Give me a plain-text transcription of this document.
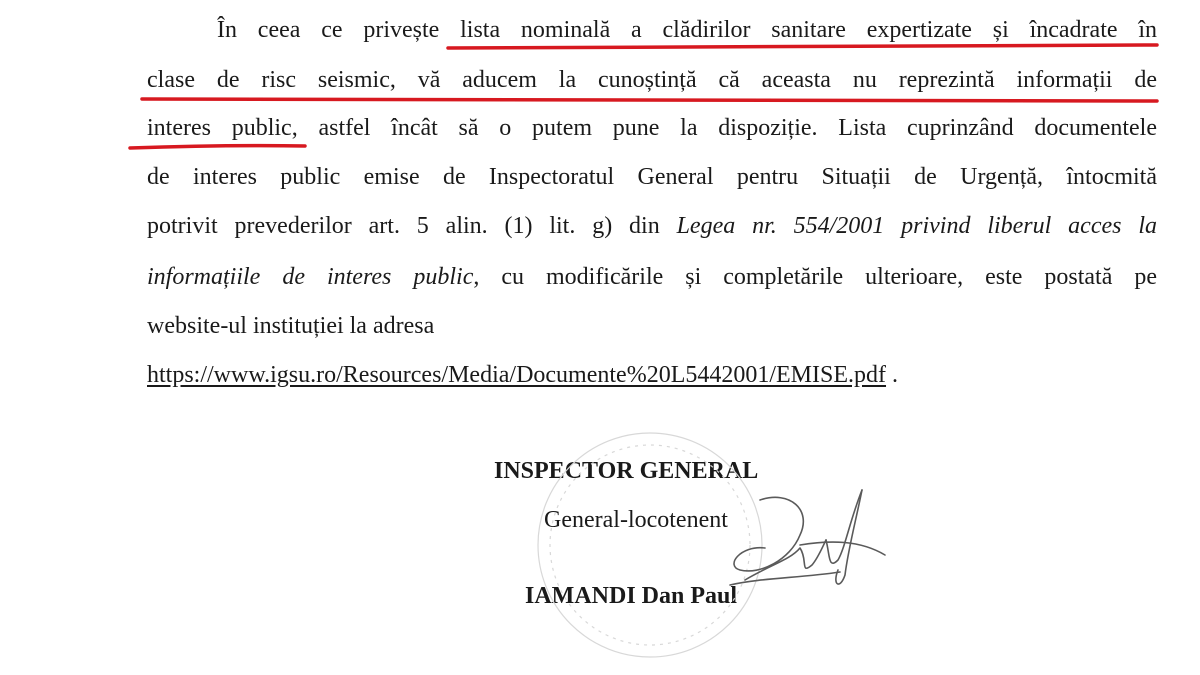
În ceea ce privește lista nominală a clădirilor sanitare expertizate și încadrate în
clase de risc seismic, vă aducem la cunoștință că aceasta nu reprezintă informații de
interes public, astfel încât să o putem pune la dispoziție. Lista cuprinzând documentele
de interes public emise de Inspectoratul General pentru Situații de Urgență, întocmită
potrivit prevederilor art. 5 alin. (1) lit. g) din Legea nr. 554/2001 privind liberul acces la
informațiile de interes public, cu modificările și completările ulterioare, este postată pe
website-ul instituției la adresa
https://www.igsu.ro/Resources/Media/Documente%20L5442001/EMISE.pdf .
INSPECTOR GENERAL
General-locotenent
IAMANDI Dan Paul
